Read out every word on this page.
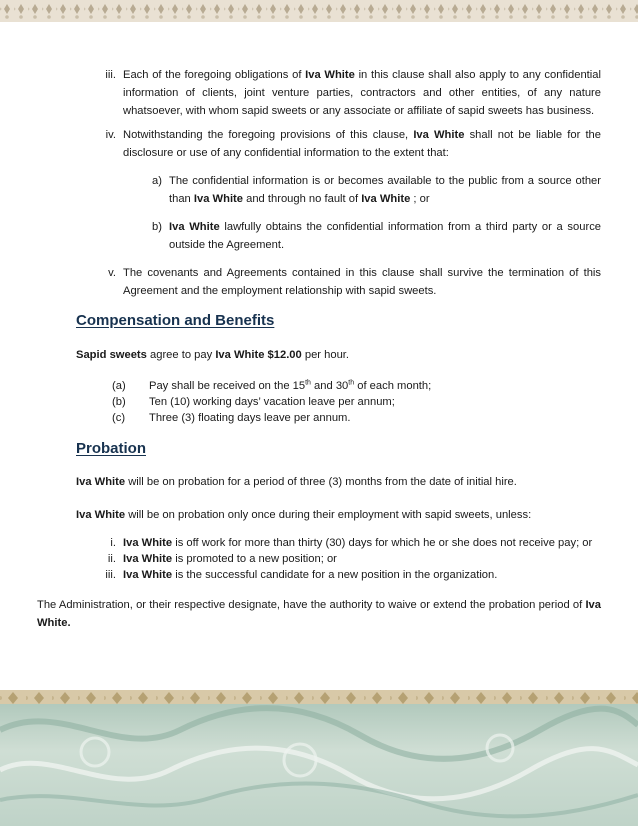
iii. Each of the foregoing obligations of Iva White in this clause shall also apply to any confidential information of clients, joint venture parties, contractors and other entities, of any nature whatsoever, with whom sapid sweets or any associate or affiliate of sapid sweets has business.
iv. Notwithstanding the foregoing provisions of this clause, Iva White shall not be liable for the disclosure or use of any confidential information to the extent that:
a) The confidential information is or becomes available to the public from a source other than Iva White and through no fault of Iva White ; or
b) Iva White lawfully obtains the confidential information from a third party or a source outside the Agreement.
v. The covenants and Agreements contained in this clause shall survive the termination of this Agreement and the employment relationship with sapid sweets.
Compensation and Benefits
Sapid sweets agree to pay Iva White $12.00 per hour.
(a) Pay shall be received on the 15th and 30th of each month;
(b) Ten (10) working days’ vacation leave per annum;
(c) Three (3) floating days leave per annum.
Probation
Iva White will be on probation for a period of three (3) months from the date of initial hire.
Iva White will be on probation only once during their employment with sapid sweets, unless:
i. Iva White is off work for more than thirty (30) days for which he or she does not receive pay; or
ii. Iva White is promoted to a new position; or
iii. Iva White is the successful candidate for a new position in the organization.
The Administration, or their respective designate, have the authority to waive or extend the probation period of Iva White.
